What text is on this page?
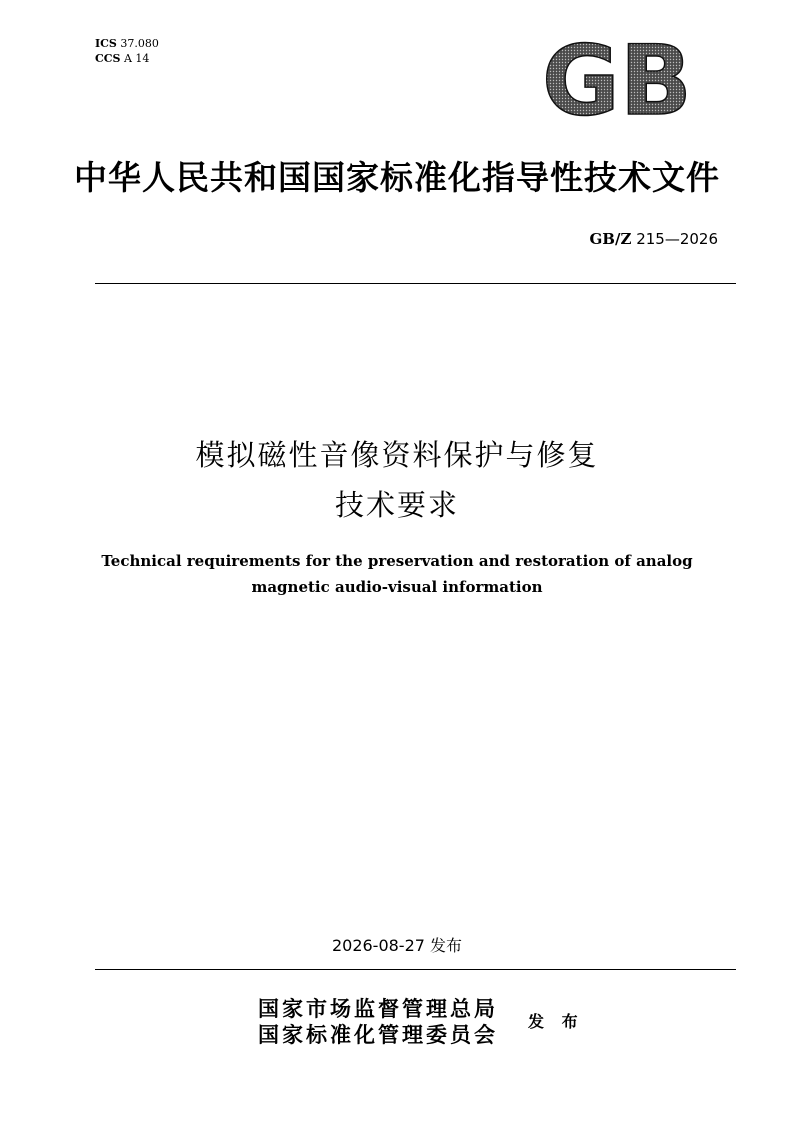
ICS 37.080
CCS A 14	GB
中华人民共和国国家标准化指导性技术文件
GB/Z 215—2026
模拟磁性音像资料保护与修复
技术要求
Technical requirements for the preservation and restoration of analog
magnetic audio-visual information
2026-08-27 发布
国家市场监督管理总局
国家标准化管理委员会
发 布
